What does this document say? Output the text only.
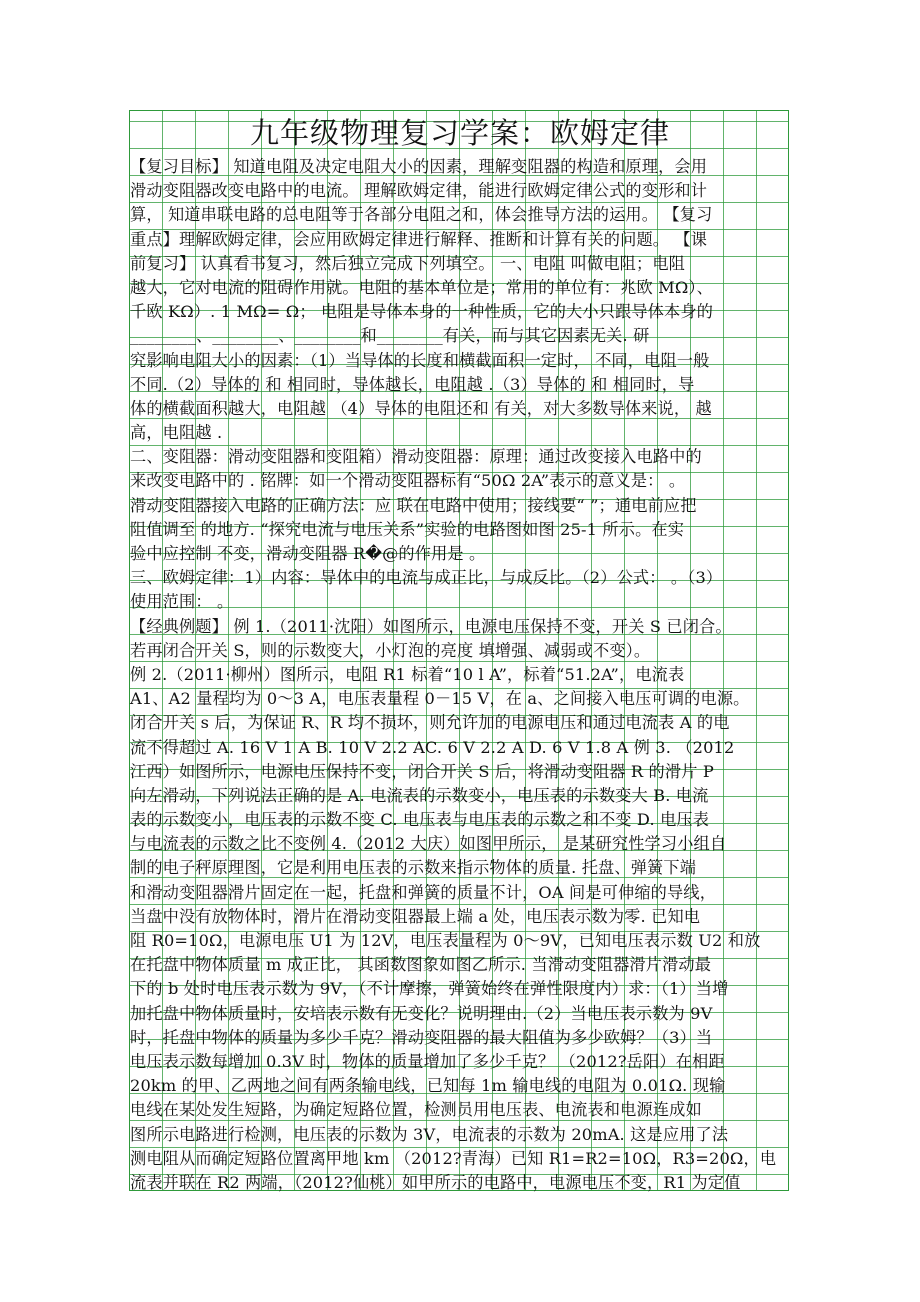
九年级物理复习学案：欧姆定律

【复习目标】 知道电阻及决定电阻大小的因素，理解变阻器的构造和原理，会用

滑动变阻器改变电路中的电流。 理解欧姆定律，能进行欧姆定律公式的变形和计

算， 知道串联电路的总电阻等于各部分电阻之和，体会推导方法的运用。 【复习

重点】理解欧姆定律，会应用欧姆定律进行解释、推断和计算有关的问题。 【课

前复习】 认真看书复习，然后独立完成下列填空。 一、电阻 叫做电阻；电阻

越大，它对电流的阻碍作用就。电阻的基本单位是；常用的单位有：兆欧 MΩ）、

千欧 KΩ）. 1 MΩ= Ω； 电阻是导体本身的一种性质，它的大小只跟导体本身的

________、________、________和________有关，而与其它因素无关. 研

究影响电阻大小的因素：（1）当导体的长度和横截面积一定时， 不同，电阻一般

不同.（2）导体的 和 相同时，导体越长，电阻越 .（3）导体的 和 相同时，导

体的横截面积越大，电阻越 （4）导体的电阻还和 有关，对大多数导体来说， 越

高，电阻越 .

二、变阻器：滑动变阻器和变阻箱）滑动变阻器：原理：通过改变接入电路中的

来改变电路中的 . 铭牌：如一个滑动变阻器标有“50Ω 2A”表示的意义是： 。

滑动变阻器接入电路的正确方法：应 联在电路中使用；接线要“ ”；通电前应把

阻值调至 的地方. “探究电流与电压关系”实验的电路图如图 25-1 所示。在实

验中应控制 不变，滑动变阻器 R�@的作用是 。

三、欧姆定律：1）内容：导体中的电流与成正比，与成反比。（2）公式： 。（3）

使用范围： 。

【经典例题】 例 1.（2011·沈阳）如图所示，电源电压保持不变，开关 S 已闭合。

若再闭合开关 S，则的示数变大，小灯泡的亮度 填增强、减弱或不变）。

例 2.（2011·柳州）图所示，电阻 R1 标着“10 l A”，标着“51.2A”，电流表

A1、A2 量程均为 0～3 A，电压表量程 0－15 V，在 a、之间接入电压可调的电源。

闭合开关 s 后，为保证 R、R 均不损坏，则允许加的电源电压和通过电流表 A 的电

流不得超过 A. 16 V 1 A B. 10 V 2.2 AC. 6 V 2.2 A D. 6 V 1.8 A 例 3. （2012

江西）如图所示，电源电压保持不变，闭合开关 S 后，将滑动变阻器 R 的滑片 P

向左滑动，下列说法正确的是 A. 电流表的示数变小，电压表的示数变大 B. 电流

表的示数变小，电压表的示数不变 C. 电压表与电压表的示数之和不变 D. 电压表

与电流表的示数之比不变例 4.（2012 大庆）如图甲所示， 是某研究性学习小组自

制的电子秤原理图，它是利用电压表的示数来指示物体的质量. 托盘、弹簧下端

和滑动变阻器滑片固定在一起，托盘和弹簧的质量不计，OA 间是可伸缩的导线，

当盘中没有放物体时，滑片在滑动变阻器最上端 a 处，电压表示数为零. 已知电

阻 R0=10Ω，电源电压 U1 为 12V，电压表量程为 0～9V，已知电压表示数 U2 和放

在托盘中物体质量 m 成正比， 其函数图象如图乙所示. 当滑动变阻器滑片滑动最

下的 b 处时电压表示数为 9V，（不计摩擦，弹簧始终在弹性限度内）求：（1）当增

加托盘中物体质量时，安培表示数有无变化？说明理由.（2）当电压表示数为 9V

时，托盘中物体的质量为多少千克？滑动变阻器的最大阻值为多少欧姆？（3）当

电压表示数每增加 0.3V 时，物体的质量增加了多少千克？ （2012?岳阳）在相距

20km 的甲、乙两地之间有两条输电线，已知每 1m 输电线的电阻为 0.01Ω. 现输

电线在某处发生短路，为确定短路位置，检测员用电压表、电流表和电源连成如

图所示电路进行检测，电压表的示数为 3V，电流表的示数为 20mA. 这是应用了法

测电阻从而确定短路位置离甲地 km （2012?青海）已知 R1=R2=10Ω，R3=20Ω，电

流表并联在 R2 两端，（2012?仙桃）如甲所示的电路中，电源电压不变，R1 为定值
